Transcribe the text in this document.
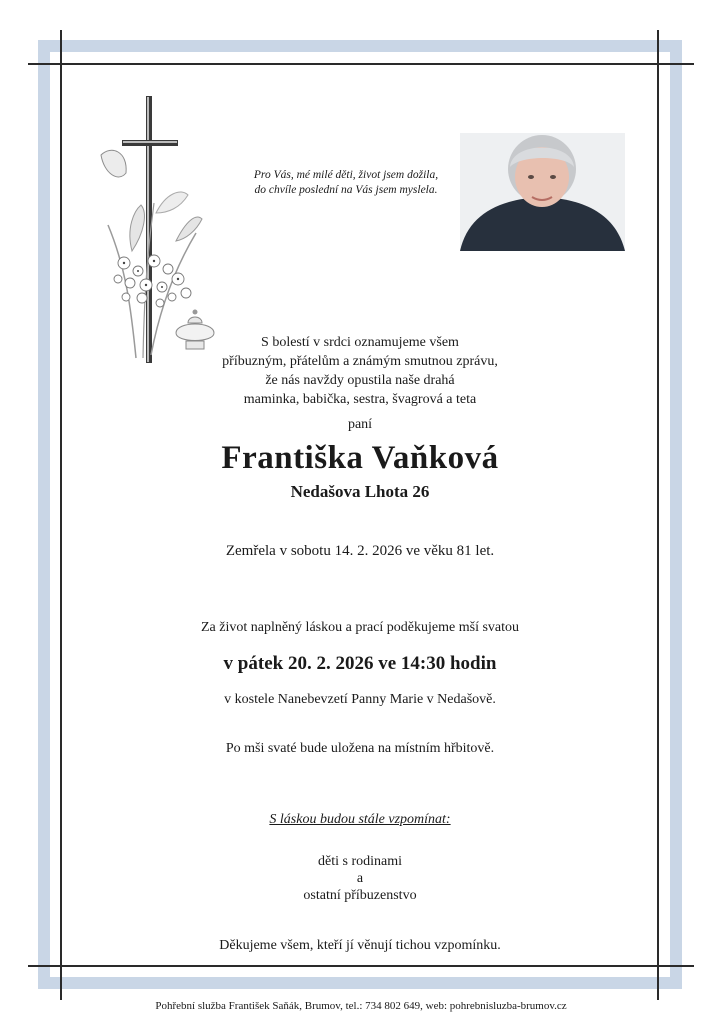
Pro Vás, mé milé děti, život jsem dožila,
do chvíle poslední na Vás jsem myslela.
S bolestí v srdci oznamujeme všem
příbuzným, přátelům a známým smutnou zprávu,
že nás navždy opustila naše drahá
maminka, babička, sestra, švagrová a teta
paní
Františka Vaňková
Nedašova Lhota 26
Zemřela v sobotu 14. 2. 2026 ve věku 81 let.
Za život naplněný láskou a prací poděkujeme mší svatou
v pátek 20. 2. 2026 ve 14:30 hodin
v kostele Nanebevzetí Panny Marie v Nedašově.
Po mši svaté bude uložena na místním hřbitově.
S láskou budou stále vzpomínat:
děti s rodinami
a
ostatní příbuzenstvo
Děkujeme všem, kteří jí věnují tichou vzpomínku.
Pohřební služba František Saňák, Brumov, tel.: 734 802 649, web: pohrebnisluzba-brumov.cz
